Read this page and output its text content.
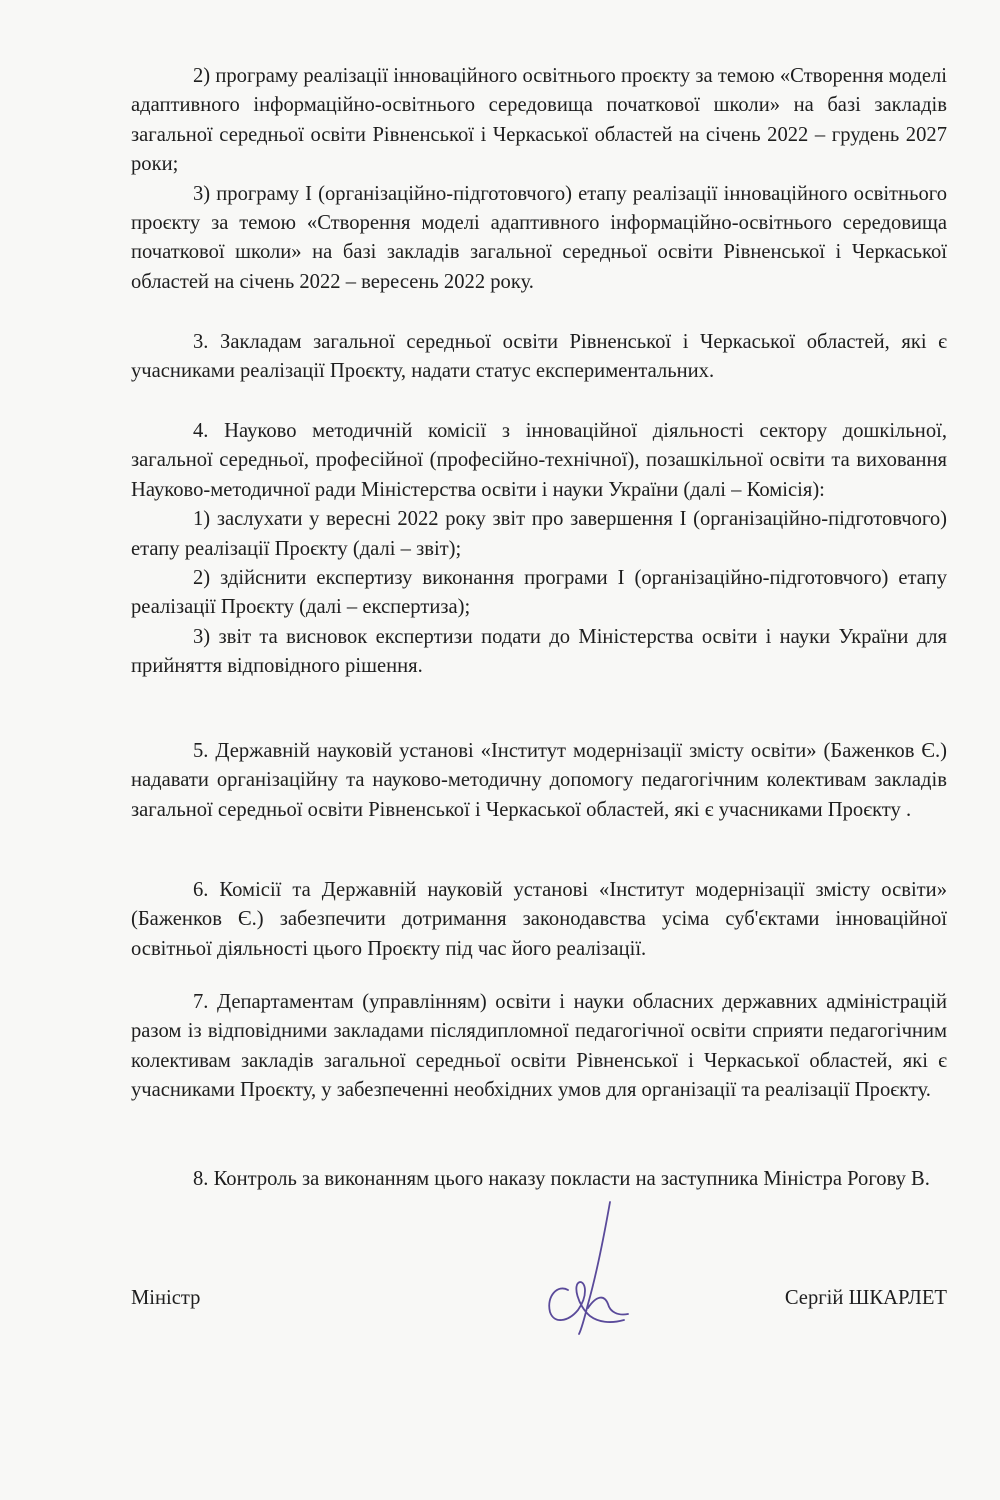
2) програму реалізації інноваційного освітнього проєкту за темою «Створення моделі адаптивного інформаційно-освітнього середовища початкової школи» на базі закладів загальної середньої освіти Рівненської і Черкаської областей на січень 2022 – грудень 2027 роки;

3) програму І (організаційно-підготовчого) етапу реалізації інноваційного освітнього проєкту за темою «Створення моделі адаптивного інформаційно-освітнього середовища початкової школи» на базі закладів загальної середньої освіти Рівненської і Черкаської областей на січень 2022 – вересень 2022 року.

3. Закладам загальної середньої освіти Рівненської і Черкаської областей, які є учасниками реалізації Проєкту, надати статус експериментальних.

4. Науково методичній комісії з інноваційної діяльності сектору дошкільної, загальної середньої, професійної (професійно-технічної), позашкільної освіти та виховання Науково-методичної ради Міністерства освіти і науки України (далі – Комісія):

1) заслухати у вересні 2022 року звіт про завершення І (організаційно-підготовчого) етапу реалізації Проєкту (далі – звіт);

2) здійснити експертизу виконання програми І (організаційно-підготовчого) етапу реалізації Проєкту (далі – експертиза);

3) звіт та висновок експертизи подати до Міністерства освіти і науки України для прийняття відповідного рішення.

5. Державній науковій установі «Інститут модернізації змісту освіти» (Баженков Є.) надавати організаційну та науково-методичну допомогу педагогічним колективам закладів загальної середньої освіти Рівненської і Черкаської областей, які є учасниками Проєкту .

6. Комісії та Державній науковій установі «Інститут модернізації змісту освіти» (Баженков Є.) забезпечити дотримання законодавства усіма суб'єктами інноваційної освітньої діяльності цього Проєкту під час його реалізації.

7. Департаментам (управлінням) освіти і науки обласних державних адміністрацій разом із відповідними закладами післядипломної педагогічної освіти сприяти педагогічним колективам закладів загальної середньої освіти Рівненської і Черкаської областей, які є учасниками Проєкту, у забезпеченні необхідних умов для організації та реалізації Проєкту.

8. Контроль за виконанням цього наказу покласти на заступника Міністра Рогову В.

Міністр	Сергій ШКАРЛЕТ
